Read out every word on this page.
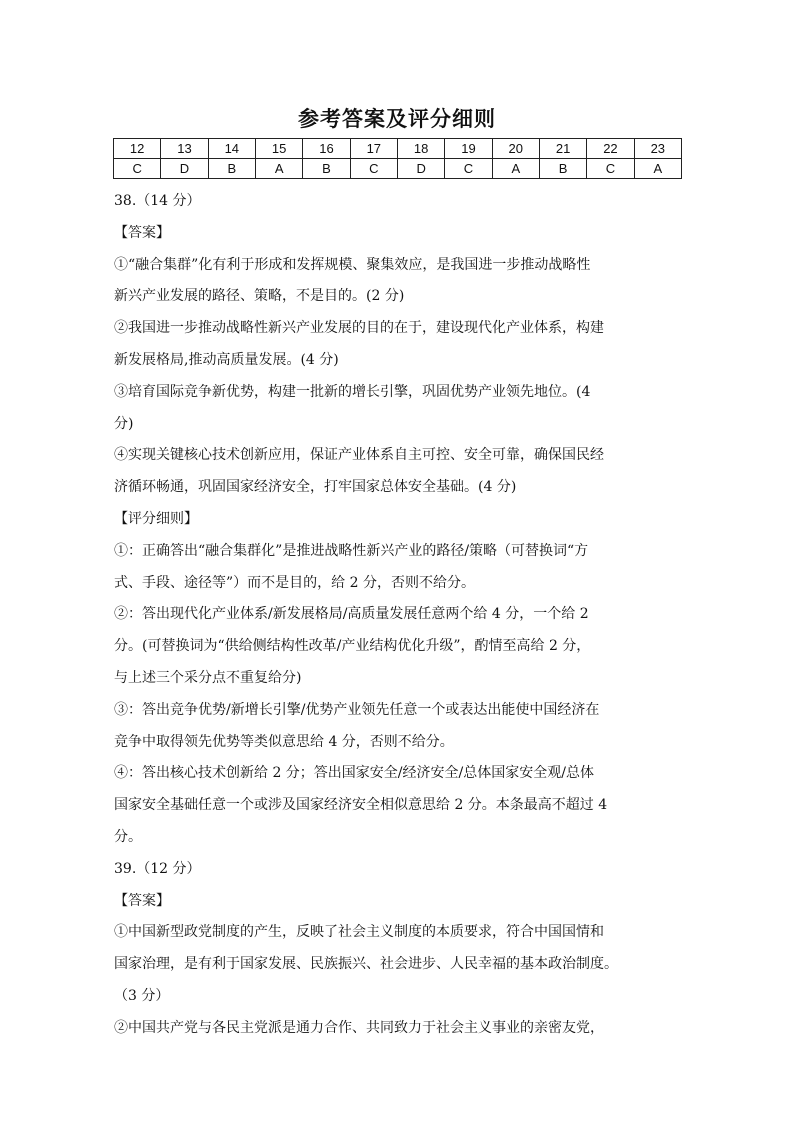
参考答案及评分细则
12	13	14	15	16	17	18	19	20	21	22	23
C	D	B	A	B	C	D	C	A	B	C	A

38.（14 分）

【答案】

①“融合集群”化有利于形成和发挥规模、聚集效应，是我国进一步推动战略性

新兴产业发展的路径、策略，不是目的。(2 分)

②我国进一步推动战略性新兴产业发展的目的在于，建设现代化产业体系，构建

新发展格局,推动高质量发展。(4 分)

③培育国际竞争新优势，构建一批新的增长引擎，巩固优势产业领先地位。(4

分)

④实现关键核心技术创新应用，保证产业体系自主可控、安全可靠，确保国民经

济循环畅通，巩固国家经济安全，打牢国家总体安全基础。(4 分)

【评分细则】

①：正确答出“融合集群化”是推进战略性新兴产业的路径/策略（可替换词“方

式、手段、途径等”）而不是目的，给 2 分，否则不给分。

②：答出现代化产业体系/新发展格局/高质量发展任意两个给 4 分，一个给 2

分。(可替换词为“供给侧结构性改革/产业结构优化升级”，酌情至高给 2 分，

与上述三个采分点不重复给分)

③：答出竞争优势/新增长引擎/优势产业领先任意一个或表达出能使中国经济在

竞争中取得领先优势等类似意思给 4 分，否则不给分。

④：答出核心技术创新给 2 分；答出国家安全/经济安全/总体国家安全观/总体

国家安全基础任意一个或涉及国家经济安全相似意思给 2 分。本条最高不超过 4

分。

39.（12 分）

【答案】

①中国新型政党制度的产生，反映了社会主义制度的本质要求，符合中国国情和

国家治理，是有利于国家发展、民族振兴、社会进步、人民幸福的基本政治制度。

（3 分）

②中国共产党与各民主党派是通力合作、共同致力于社会主义事业的亲密友党，
